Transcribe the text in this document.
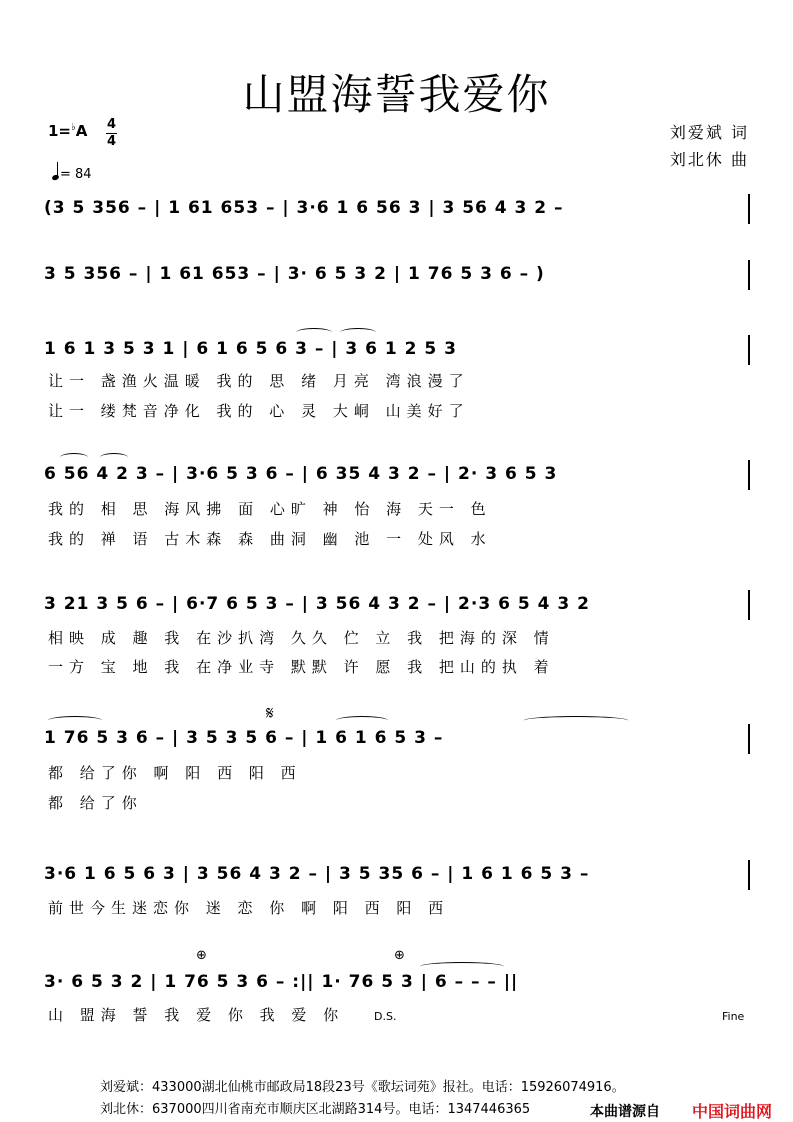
山盟海誓我爱你
1=♭A 4
4
= 84
刘爱斌 词
刘北休 曲
(3 5 356 – | 1 61 653 – | 3·6 1 6 56 3 | 3 56 4 3 2 –
3 5 356 – | 1 61 653 – | 3· 6 5 3 2 | 1 76 5 3 6 – )
1 6 1 3 5 3 1 | 6 1 6 5 6 3 – | 3 6 1 2 5 3
6 56 4 2 3 – | 3·6 5 3 6 – | 6 35 4 3 2 – | 2· 3 6 5 3
3 21 3 5 6 – | 6·7 6 5 3 – | 3 56 4 3 2 – | 2·3 6 5 4 3 2
1 76 5 3 6 – | 3 5 3 5 6 – | 1 6 1 6 5 3 –
3·6 1 6 5 6 3 | 3 56 4 3 2 – | 3 5 35 6 – | 1 6 1 6 5 3 –
3· 6 5 3 2 | 1 76 5 3 6 – :|| 1· 76 5 3 | 6 – – – ||
让一 盏渔火温暖 我的 思 绪 月亮 湾浪漫了
让一 缕梵音净化 我的 心 灵 大峒 山美好了
我的 相 思 海风拂 面 心旷 神 怡 海 天一 色
我的 禅 语 古木森 森 曲洞 幽 池 一 处风 水
相映 成 趣 我 在沙扒湾 久久 伫 立 我 把海的深 情
一方 宝 地 我 在净业寺 默默 许 愿 我 把山的执 着
都 给了你 啊 阳 西 阳 西
都 给了你
前世今生迷恋你 迷 恋 你 啊 阳 西 阳 西
山 盟海 誓 我 爱 你 我 爱 你
𝄋
⊕	⊕
D.S.	Fine
刘爱斌：433000湖北仙桃市邮政局18段23号《歌坛词苑》报社。电话：15926074916。
刘北休：637000四川省南充市顺庆区北湖路314号。电话：1347446365	本曲谱源自 中国词曲网
